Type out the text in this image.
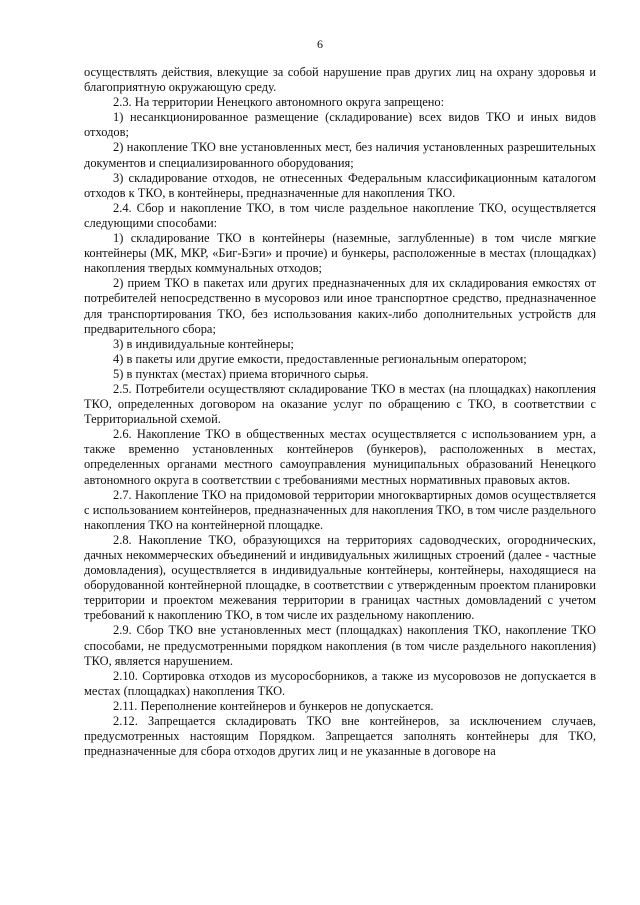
6

осуществлять действия, влекущие за собой нарушение прав других лиц на охрану здоровья и благоприятную окружающую среду.

2.3. На территории Ненецкого автономного округа запрещено:

1) несанкционированное размещение (складирование) всех видов ТКО и иных видов отходов;

2) накопление ТКО вне установленных мест, без наличия установленных разрешительных документов и специализированного оборудования;

3) складирование отходов, не отнесенных Федеральным классификационным каталогом отходов к ТКО, в контейнеры, предназначенные для накопления ТКО.

2.4. Сбор и накопление ТКО, в том числе раздельное накопление ТКО, осуществляется следующими способами:

1) складирование ТКО в контейнеры (наземные, заглубленные) в том числе мягкие контейнеры (МК, МКР, «Биг-Бэги» и прочие) и бункеры, расположенные в местах (площадках) накопления твердых коммунальных отходов;

2) прием ТКО в пакетах или других предназначенных для их складирования емкостях от потребителей непосредственно в мусоровоз или иное транспортное средство, предназначенное для транспортирования ТКО, без использования каких-либо дополнительных устройств для предварительного сбора;

3) в индивидуальные контейнеры;

4) в пакеты или другие емкости, предоставленные региональным оператором;

5) в пунктах (местах) приема вторичного сырья.

2.5. Потребители осуществляют складирование ТКО в местах (на площадках) накопления ТКО, определенных договором на оказание услуг по обращению с ТКО, в соответствии с Территориальной схемой.

2.6. Накопление ТКО в общественных местах осуществляется с использованием урн, а также временно установленных контейнеров (бункеров), расположенных в местах, определенных органами местного самоуправления муниципальных образований Ненецкого автономного округа в соответствии с требованиями местных нормативных правовых актов.

2.7. Накопление ТКО на придомовой территории многоквартирных домов осуществляется с использованием контейнеров, предназначенных для накопления ТКО, в том числе раздельного накопления ТКО на контейнерной площадке.

2.8. Накопление ТКО, образующихся на территориях садоводческих, огороднических, дачных некоммерческих объединений и индивидуальных жилищных строений (далее - частные домовладения), осуществляется в индивидуальные контейнеры, контейнеры, находящиеся на оборудованной контейнерной площадке, в соответствии с утвержденным проектом планировки территории и проектом межевания территории в границах частных домовладений с учетом требований к накоплению ТКО, в том числе их раздельному накоплению.

2.9. Сбор ТКО вне установленных мест (площадках) накопления ТКО, накопление ТКО способами, не предусмотренными порядком накопления (в том числе раздельного накопления) ТКО, является нарушением.

2.10. Сортировка отходов из мусоросборников, а также из мусоровозов не допускается в местах (площадках) накопления ТКО.

2.11. Переполнение контейнеров и бункеров не допускается.

2.12. Запрещается складировать ТКО вне контейнеров, за исключением случаев, предусмотренных настоящим Порядком. Запрещается заполнять контейнеры для ТКО, предназначенные для сбора отходов других лиц и не указанные в договоре на
